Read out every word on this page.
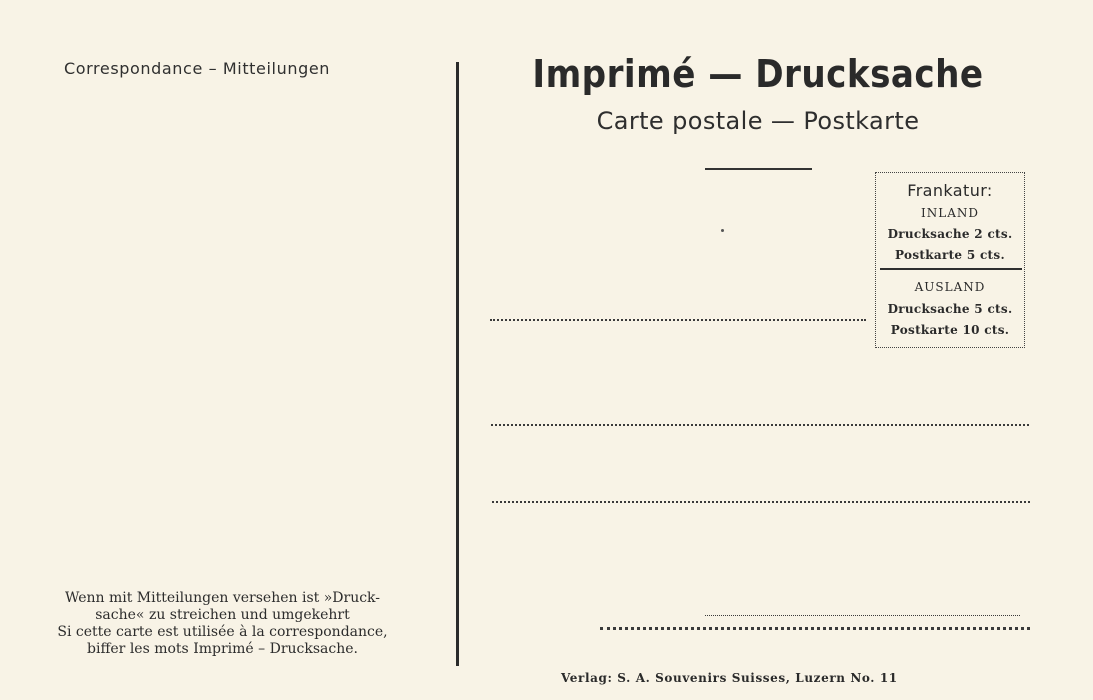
Correspondance – Mitteilungen
Wenn mit Mitteilungen versehen ist »Druck-
sache« zu streichen und umgekehrt
Si cette carte est utilisée à la correspondance,
biffer les mots Imprimé – Drucksache.
Imprimé — Drucksache
Carte postale — Postkarte
Frankatur:
INLAND
Drucksache 2 cts.
Postkarte 5 cts.
AUSLAND
Drucksache 5 cts.
Postkarte 10 cts.
Verlag: S. A. Souvenirs Suisses, Luzern No. 11
